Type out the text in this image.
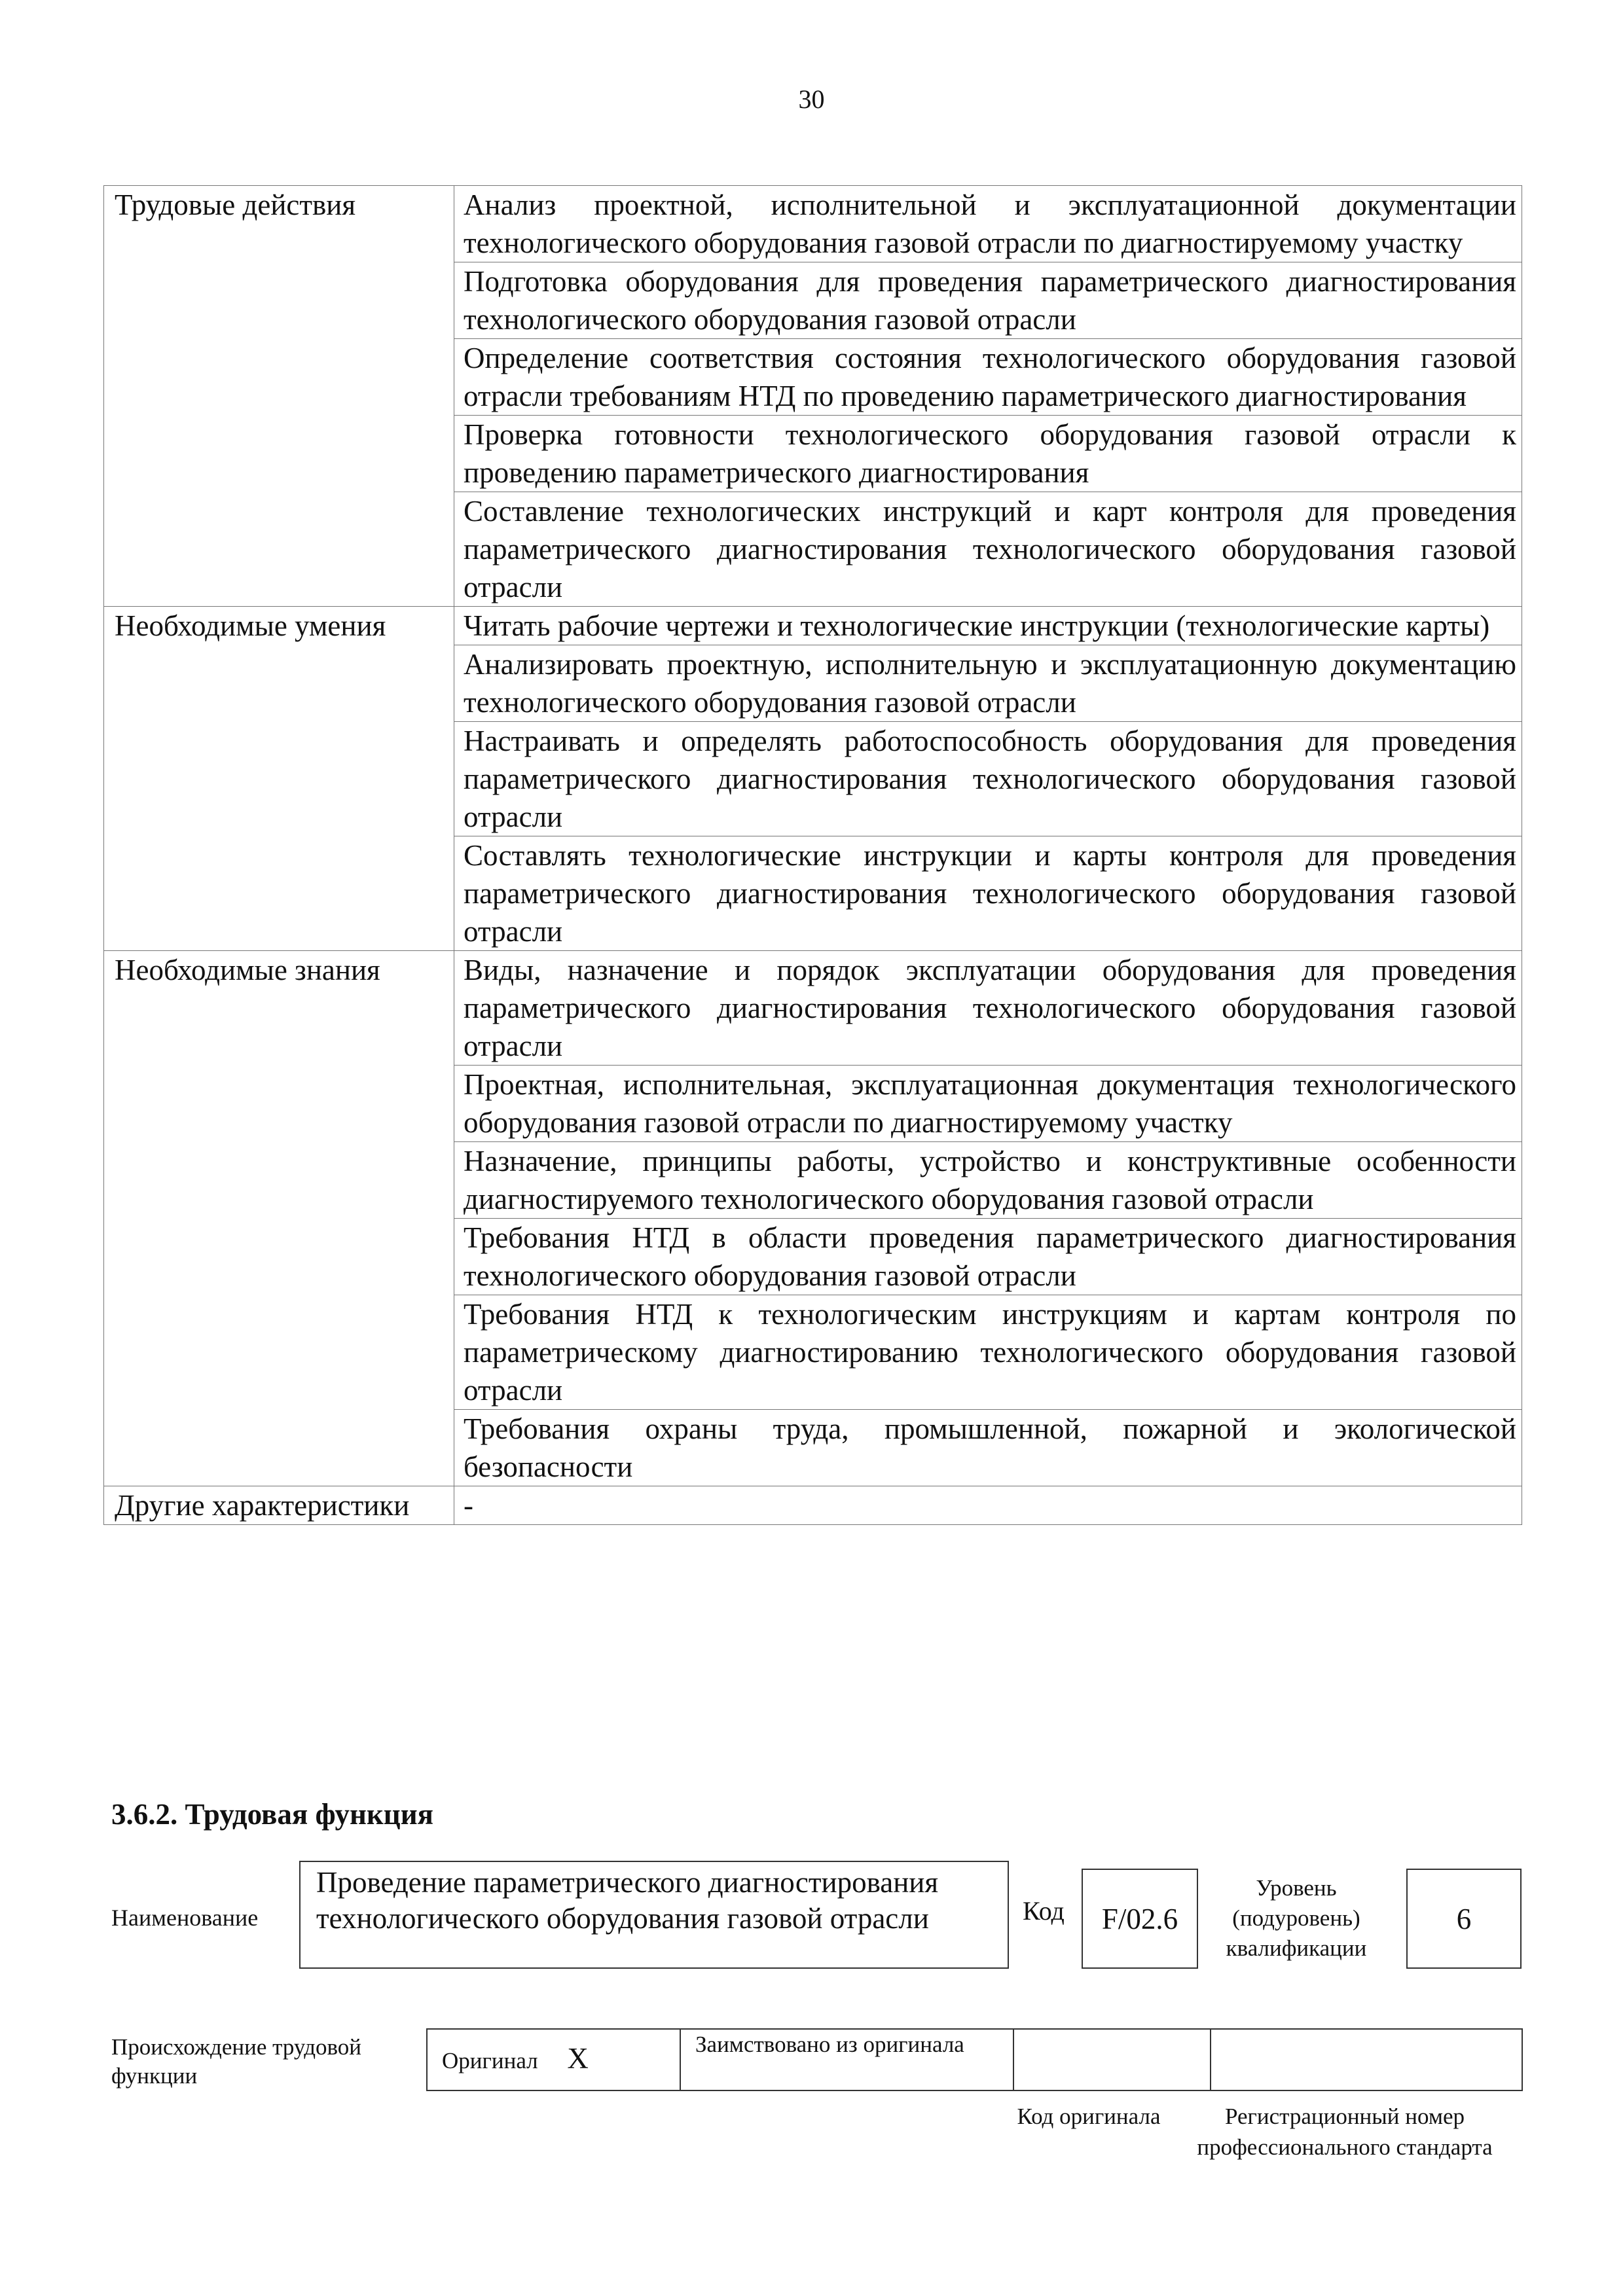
30
Трудовые действия	Анализ проектной, исполнительной и эксплуатационной документации технологического оборудования газовой отрасли по диагностируемому участку
	Подготовка оборудования для проведения параметрического диагностирования технологического оборудования газовой отрасли
	Определение соответствия состояния технологического оборудования газовой отрасли требованиям НТД по проведению параметрического диагностирования
	Проверка готовности технологического оборудования газовой отрасли к проведению параметрического диагностирования
	Составление технологических инструкций и карт контроля для проведения параметрического диагностирования технологического оборудования газовой отрасли
Необходимые умения	Читать рабочие чертежи и технологические инструкции (технологические карты)
	Анализировать проектную, исполнительную и эксплуатационную документацию технологического оборудования газовой отрасли
	Настраивать и определять работоспособность оборудования для проведения параметрического диагностирования технологического оборудования газовой отрасли
	Составлять технологические инструкции и карты контроля для проведения параметрического диагностирования технологического оборудования газовой отрасли
Необходимые знания	Виды, назначение и порядок эксплуатации оборудования для проведения параметрического диагностирования технологического оборудования газовой отрасли
	Проектная, исполнительная, эксплуатационная документация технологического оборудования газовой отрасли по диагностируемому участку
	Назначение, принципы работы, устройство и конструктивные особенности диагностируемого технологического оборудования газовой отрасли
	Требования НТД в области проведения параметрического диагностирования технологического оборудования газовой отрасли
	Требования НТД к технологическим инструкциям и картам контроля по параметрическому диагностированию технологического оборудования газовой отрасли
	Требования охраны труда, промышленной, пожарной и экологической безопасности
Другие характеристики	-
3.6.2. Трудовая функция
Наименование
Проведение параметрического диагностирования технологического оборудования газовой отрасли	Код	F/02.6
Уровень (подуровень) квалификации
6
Происхождение трудовой функции
Оригинал X	Заимствовано из оригинала		
Код оригинала	Регистрационный номер профессионального стандарта
